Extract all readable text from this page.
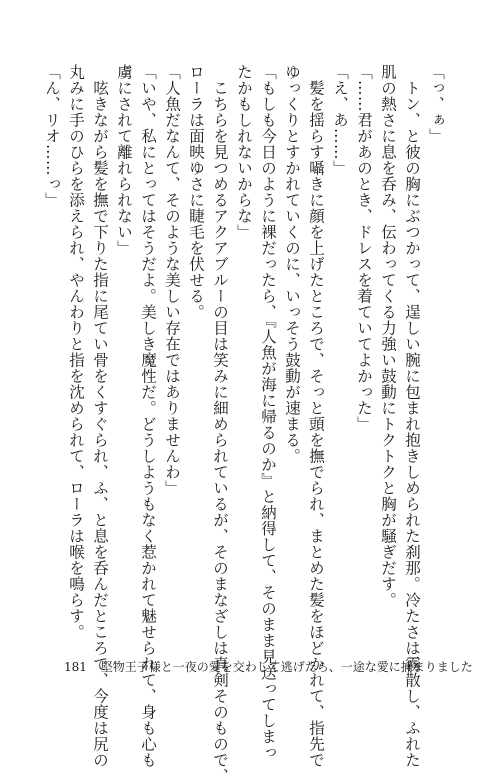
「っ、ぁ」
　トン、と彼の胸にぶつかって、逞しい腕に包まれ抱きしめられた刹那。冷たさは霧散し、ふれた
肌の熱さに息を呑み、伝わってくる力強い鼓動にトクトクと胸が騒ぎだす。
「……君があのとき、ドレスを着ていてよかった」
「え、あ……」
　髪を揺らす囁きに顔を上げたところで、そっと頭を撫でられ、まとめた髪をほどかれて、指先で
ゆっくりとすかれていくのに、いっそう鼓動が速まる。
「もしも今日のように裸だったら、『人魚が海に帰るのか』と納得して、そのまま見送ってしまっ
たかもしれないからな」
　こちらを見つめるアクアブルーの目は笑みに細められているが、そのまなざしは真剣そのもので、
ローラは面映ゆさに睫毛を伏せる。
「人魚だなんて、そのような美しい存在ではありませんわ」
「いや、私にとってはそうだよ。美しき魔性だ。どうしようもなく惹かれて魅せられて、身も心も
虜にされて離れられない」
　呟きながら髪を撫で下りた指に尾てい骨をくすぐられ、ふ、と息を呑んだところで、今度は尻の
丸みに手のひらを添えられ、やんわりと指を沈められて、ローラは喉を鳴らす。
「ん、リオ……っ」
181 堅物王子様と一夜の愛を交わして逃げたら、一途な愛に捕まりました
